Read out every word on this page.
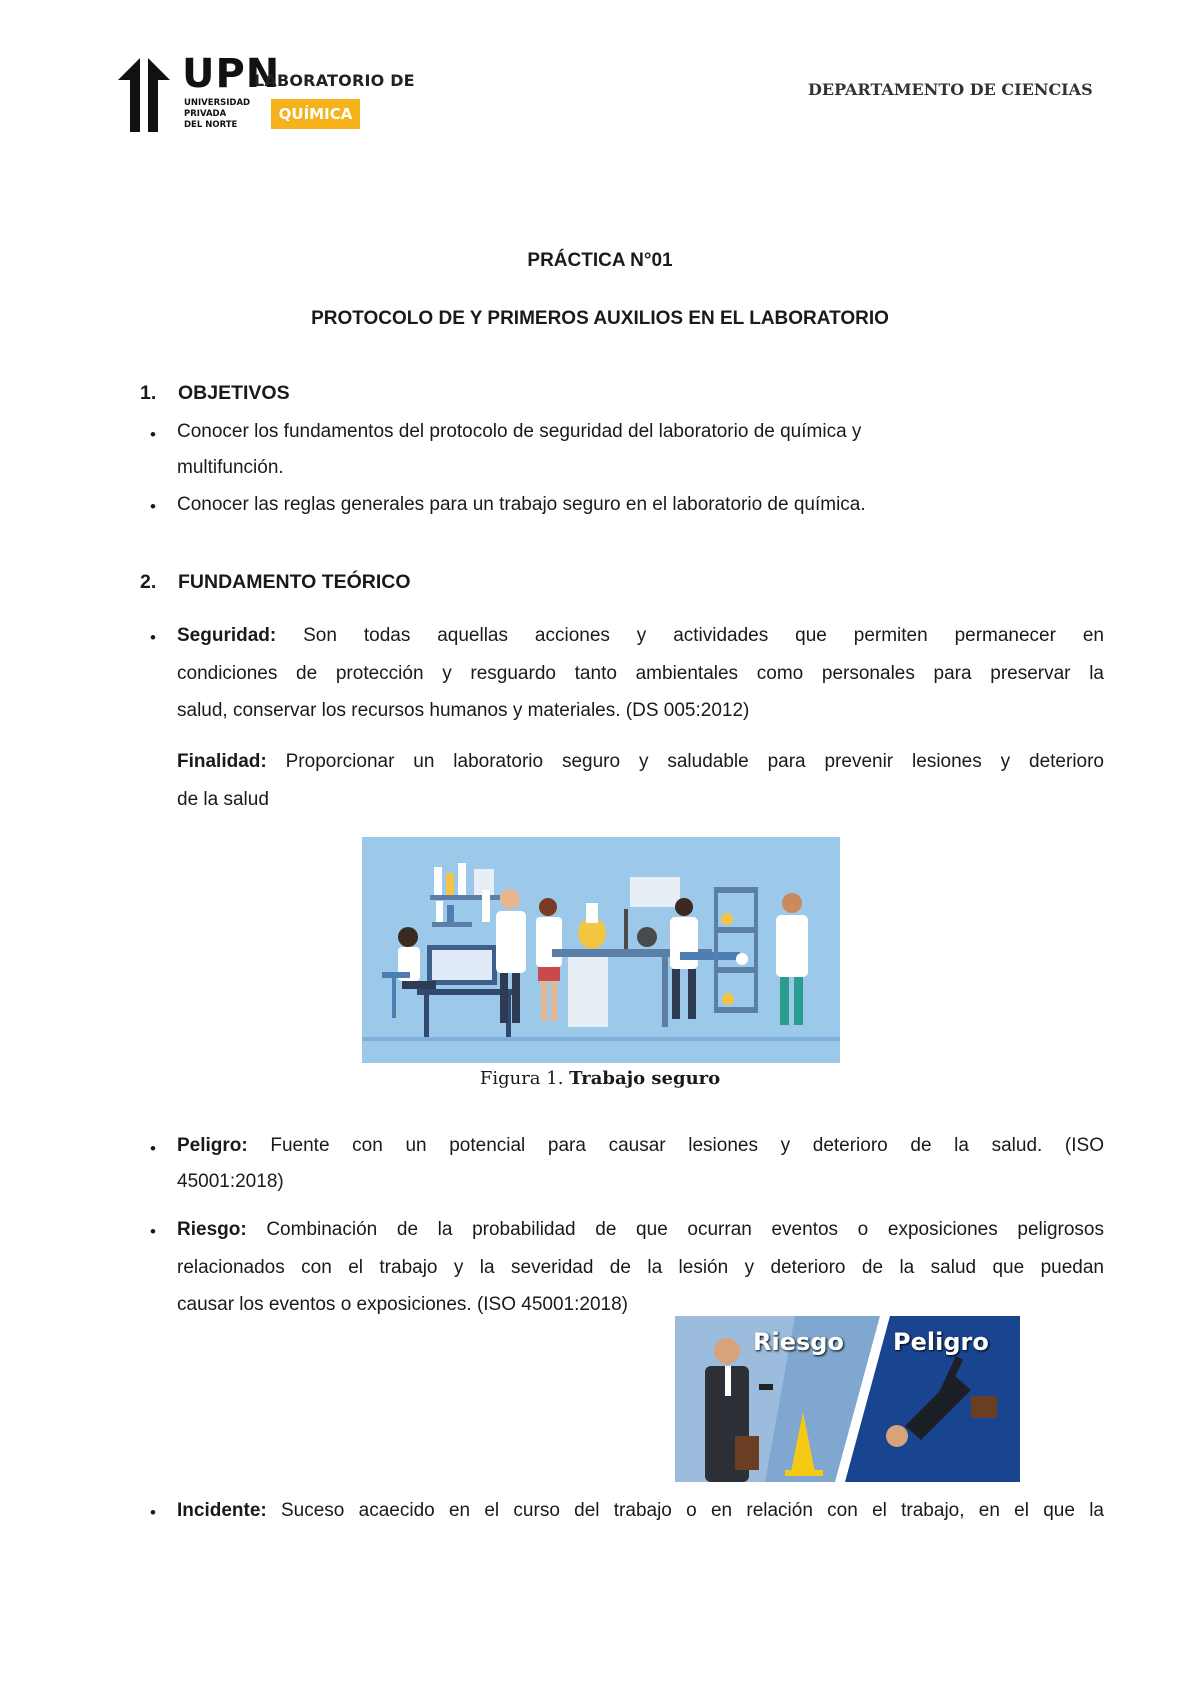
UPN
UNIVERSIDAD
PRIVADA
DEL NORTE
LABORATORIO DE
QUÍMICA 1
DEPARTAMENTO DE CIENCIAS
PRÁCTICA N°01
PROTOCOLO DE Y PRIMEROS AUXILIOS EN EL LABORATORIO
1. OBJETIVOS
• Conocer los fundamentos del protocolo de seguridad del laboratorio de química y
multifunción.
• Conocer las reglas generales para un trabajo seguro en el laboratorio de química.
2. FUNDAMENTO TEÓRICO
• Seguridad: Son todas aquellas acciones y actividades que permiten permanecer en
condiciones de protección y resguardo tanto ambientales como personales para preservar la
salud, conservar los recursos humanos y materiales. (DS 005:2012)
Finalidad: Proporcionar un laboratorio seguro y saludable para prevenir lesiones y deterioro
de la salud
Figura 1. Trabajo seguro
• Peligro: Fuente con un potencial para causar lesiones y deterioro de la salud. (ISO
45001:2018)
• Riesgo: Combinación de la probabilidad de que ocurran eventos o exposiciones peligrosos
relacionados con el trabajo y la severidad de la lesión y deterioro de la salud que puedan
causar los eventos o exposiciones. (ISO 45001:2018)
Riesgo Peligro
• Incidente: Suceso acaecido en el curso del trabajo o en relación con el trabajo, en el que la
